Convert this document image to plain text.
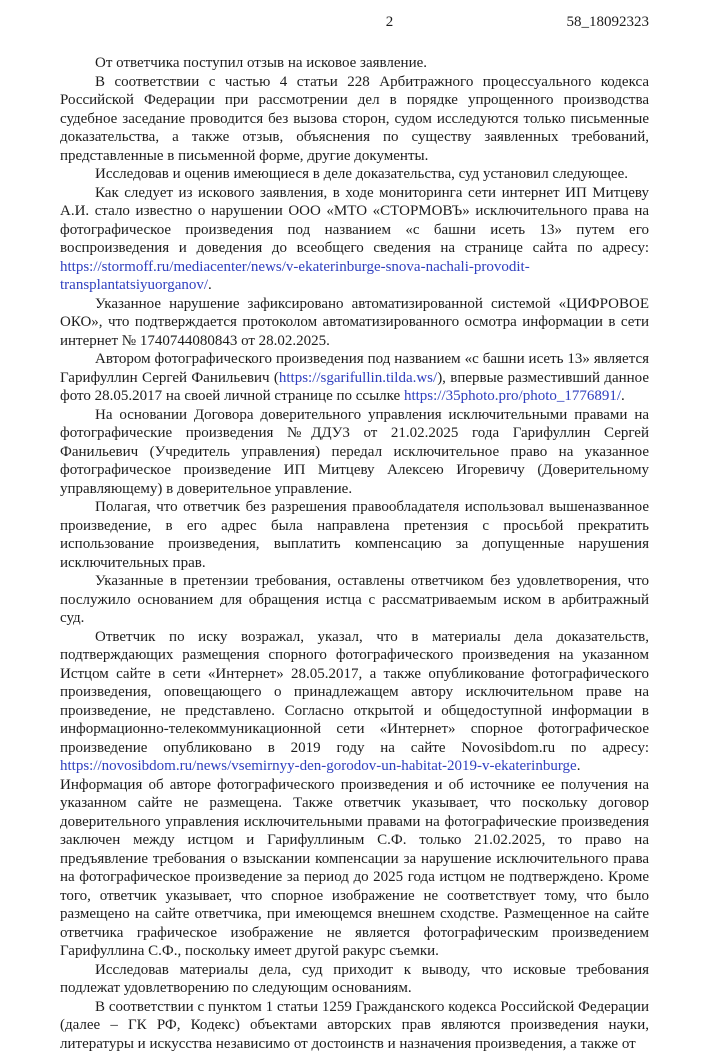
2	58_18092323

От ответчика поступил отзыв на исковое заявление.

В соответствии с частью 4 статьи 228 Арбитражного процессуального кодекса Российской Федерации при рассмотрении дел в порядке упрощенного производства судебное заседание проводится без вызова сторон, судом исследуются только письменные доказательства, а также отзыв, объяснения по существу заявленных требований, представленные в письменной форме, другие документы.

Исследовав и оценив имеющиеся в деле доказательства, суд установил следующее.

Как следует из искового заявления, в ходе мониторинга сети интернет ИП Митцеву А.И. стало известно о нарушении ООО «МТО «СТОРМОВЪ» исключительного права на фотографическое произведения под названием «с башни исеть 13» путем его воспроизведения и доведения до всеобщего сведения на странице сайта по адресу: https://stormoff.ru/mediacenter/news/v-ekaterinburge-snova-nachali-provodit-transplantatsiyuorganov/.

Указанное нарушение зафиксировано автоматизированной системой «ЦИФРОВОЕ ОКО», что подтверждается протоколом автоматизированного осмотра информации в сети интернет № 1740744080843 от 28.02.2025.

Автором фотографического произведения под названием «с башни исеть 13» является Гарифуллин Сергей Фанильевич (https://sgarifullin.tilda.ws/), впервые разместивший данное фото 28.05.2017 на своей личной странице по ссылке https://35photo.pro/photo_1776891/.

На основании Договора доверительного управления исключительными правами на фотографические произведения №ДДУ3 от 21.02.2025 года Гарифуллин Сергей Фанильевич (Учредитель управления) передал исключительное право на указанное фотографическое произведение ИП Митцеву Алексею Игоревичу (Доверительному управляющему) в доверительное управление.

Полагая, что ответчик без разрешения правообладателя использовал вышеназванное произведение, в его адрес была направлена претензия с просьбой прекратить использование произведения, выплатить компенсацию за допущенные нарушения исключительных прав.

Указанные в претензии требования, оставлены ответчиком без удовлетворения, что послужило основанием для обращения истца с рассматриваемым иском в арбитражный суд.

Ответчик по иску возражал, указал, что в материалы дела доказательств, подтверждающих размещения спорного фотографического произведения на указанном Истцом сайте в сети «Интернет» 28.05.2017, а также опубликование фотографического произведения, оповещающего о принадлежащем автору исключительном праве на произведение, не представлено. Согласно открытой и общедоступной информации в информационно-телекоммуникационной сети «Интернет» спорное фотографическое произведение опубликовано в 2019 году на сайте Novosibdom.ru по адресу: https://novosibdom.ru/news/vsemirnyy-den-gorodov-un-habitat-2019-v-ekaterinburge. Информация об авторе фотографического произведения и об источнике ее получения на указанном сайте не размещена. Также ответчик указывает, что поскольку договор доверительного управления исключительными правами на фотографические произведения заключен между истцом и Гарифуллиным С.Ф. только 21.02.2025, то право на предъявление требования о взыскании компенсации за нарушение исключительного права на фотографическое произведение за период до 2025 года истцом не подтверждено. Кроме того, ответчик указывает, что спорное изображение не соответствует тому, что было размещено на сайте ответчика, при имеющемся внешнем сходстве. Размещенное на сайте ответчика графическое изображение не является фотографическим произведением Гарифуллина С.Ф., поскольку имеет другой ракурс съемки.

Исследовав материалы дела, суд приходит к выводу, что исковые требования подлежат удовлетворению по следующим основаниям.

В соответствии с пунктом 1 статьи 1259 Гражданского кодекса Российской Федерации (далее – ГК РФ, Кодекс) объектами авторских прав являются произведения науки, литературы и искусства независимо от достоинств и назначения произведения, а также от
